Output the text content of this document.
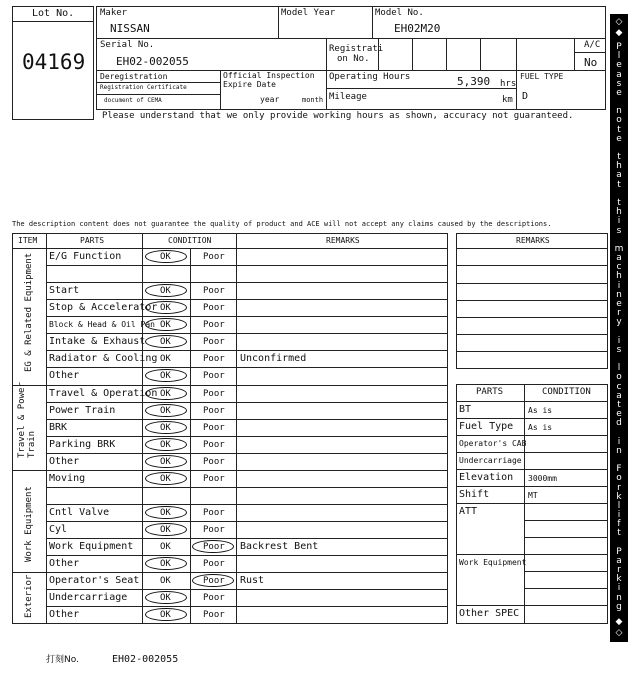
Lot No.
04169
Maker
NISSAN
Model Year	Model No.
EH02M20
Serial No.
EH02-002055
Registrati
on No.
A/C
No
Deregistration
Registration Certificate
document of CEMA
Official Inspection
Expire Date
year	month
Operating Hours	5,390 hrs
Mileage	km
FUEL TYPE
D
Please understand that we only provide working hours as shown, accuracy not guaranteed.
The description content does not guarantee the quality of product and ACE will not accept any claims caused by the descriptions.
ITEM	PARTS	CONDITION	REMARKS
EG & Related Equipment
Travel & Power Train
Work Equipment
Exterior
E/G Function	OK	Poor
Start	OK	Poor
Stop & Accelerator OK	Poor
Block & Head & Oil Pan OK	Poor
Intake & Exhaust OK	Poor
Radiator & Cooling OK	Poor Unconfirmed
Other	OK	Poor
Travel & Operation OK	Poor
Power Train	OK	Poor
BRK	OK	Poor
Parking BRK	OK	Poor
Other	OK	Poor
Moving	OK	Poor
Cntl Valve	OK	Poor
Cyl	OK	Poor
Work Equipment	OK	Poor Backrest Bent
Other	OK	Poor
Operator's Seat OK	Poor Rust
Undercarriage	OK	Poor
Other	OK	Poor
REMARKS
PARTS	CONDITION
BT	As is
Fuel Type As is
Operator's CAB
Undercarriage
Elevation 3000mm
Shift	MT
ATT
Work Equipment
Other SPEC
◇
◆
P
l
e
a
s
e
n
o
t
e
t
h
a
t
t
h
i
s
m
a
c
h
i
n
e
r
y
i
s
l
o
c
a
t
e
d
i
n
F
o
r
k
l
i
f
t
P
a
r
k
i
n
g
◆
◇
打刻No.	EH02-002055
